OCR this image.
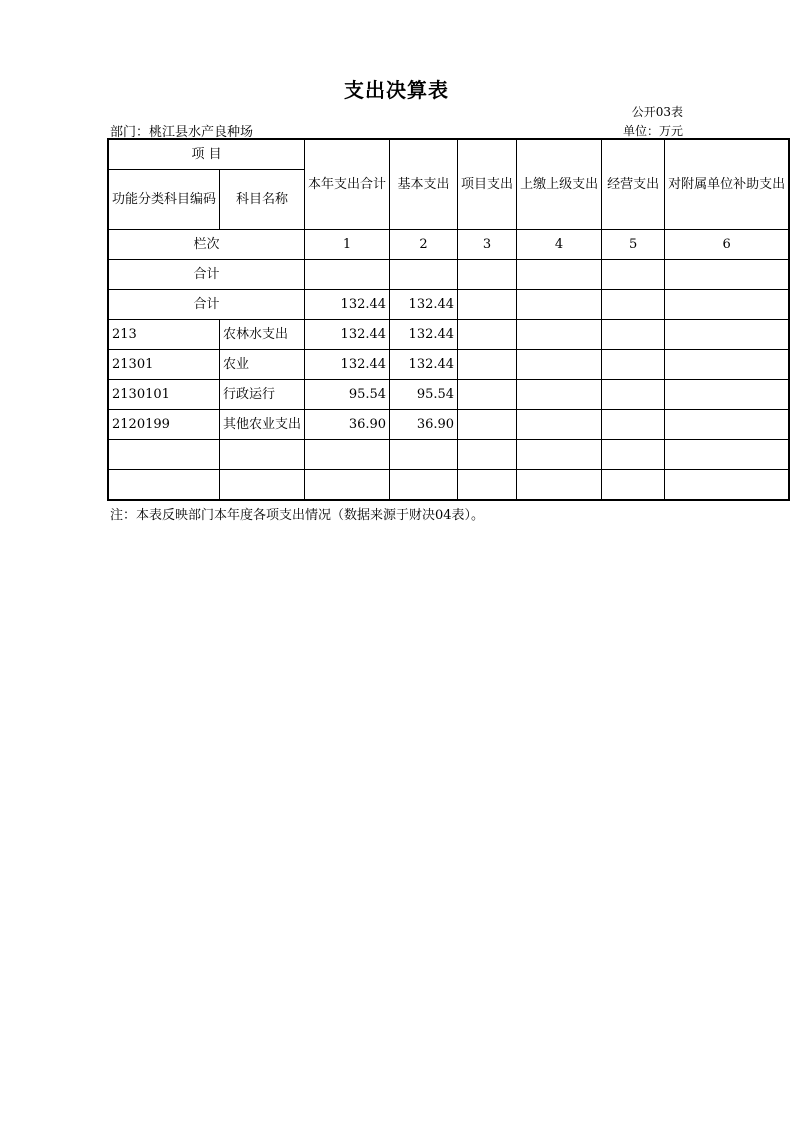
支出决算表
公开03表
部门：桃江县水产良种场	单位：万元
项 目		本年支出合计	基本支出	项目支出	上缴上级支出	经营支出	对附属单位补助支出
功能分类科目编码	科目名称						
栏次		1	2	3	4	5	6
合计							
合计		132.44	132.44				
213	农林水支出	132.44	132.44				
21301	农业	132.44	132.44				
2130101	行政运行	95.54	95.54				
2120199	其他农业支出	36.90	36.90				

注：本表反映部门本年度各项支出情况（数据来源于财决04表）。
